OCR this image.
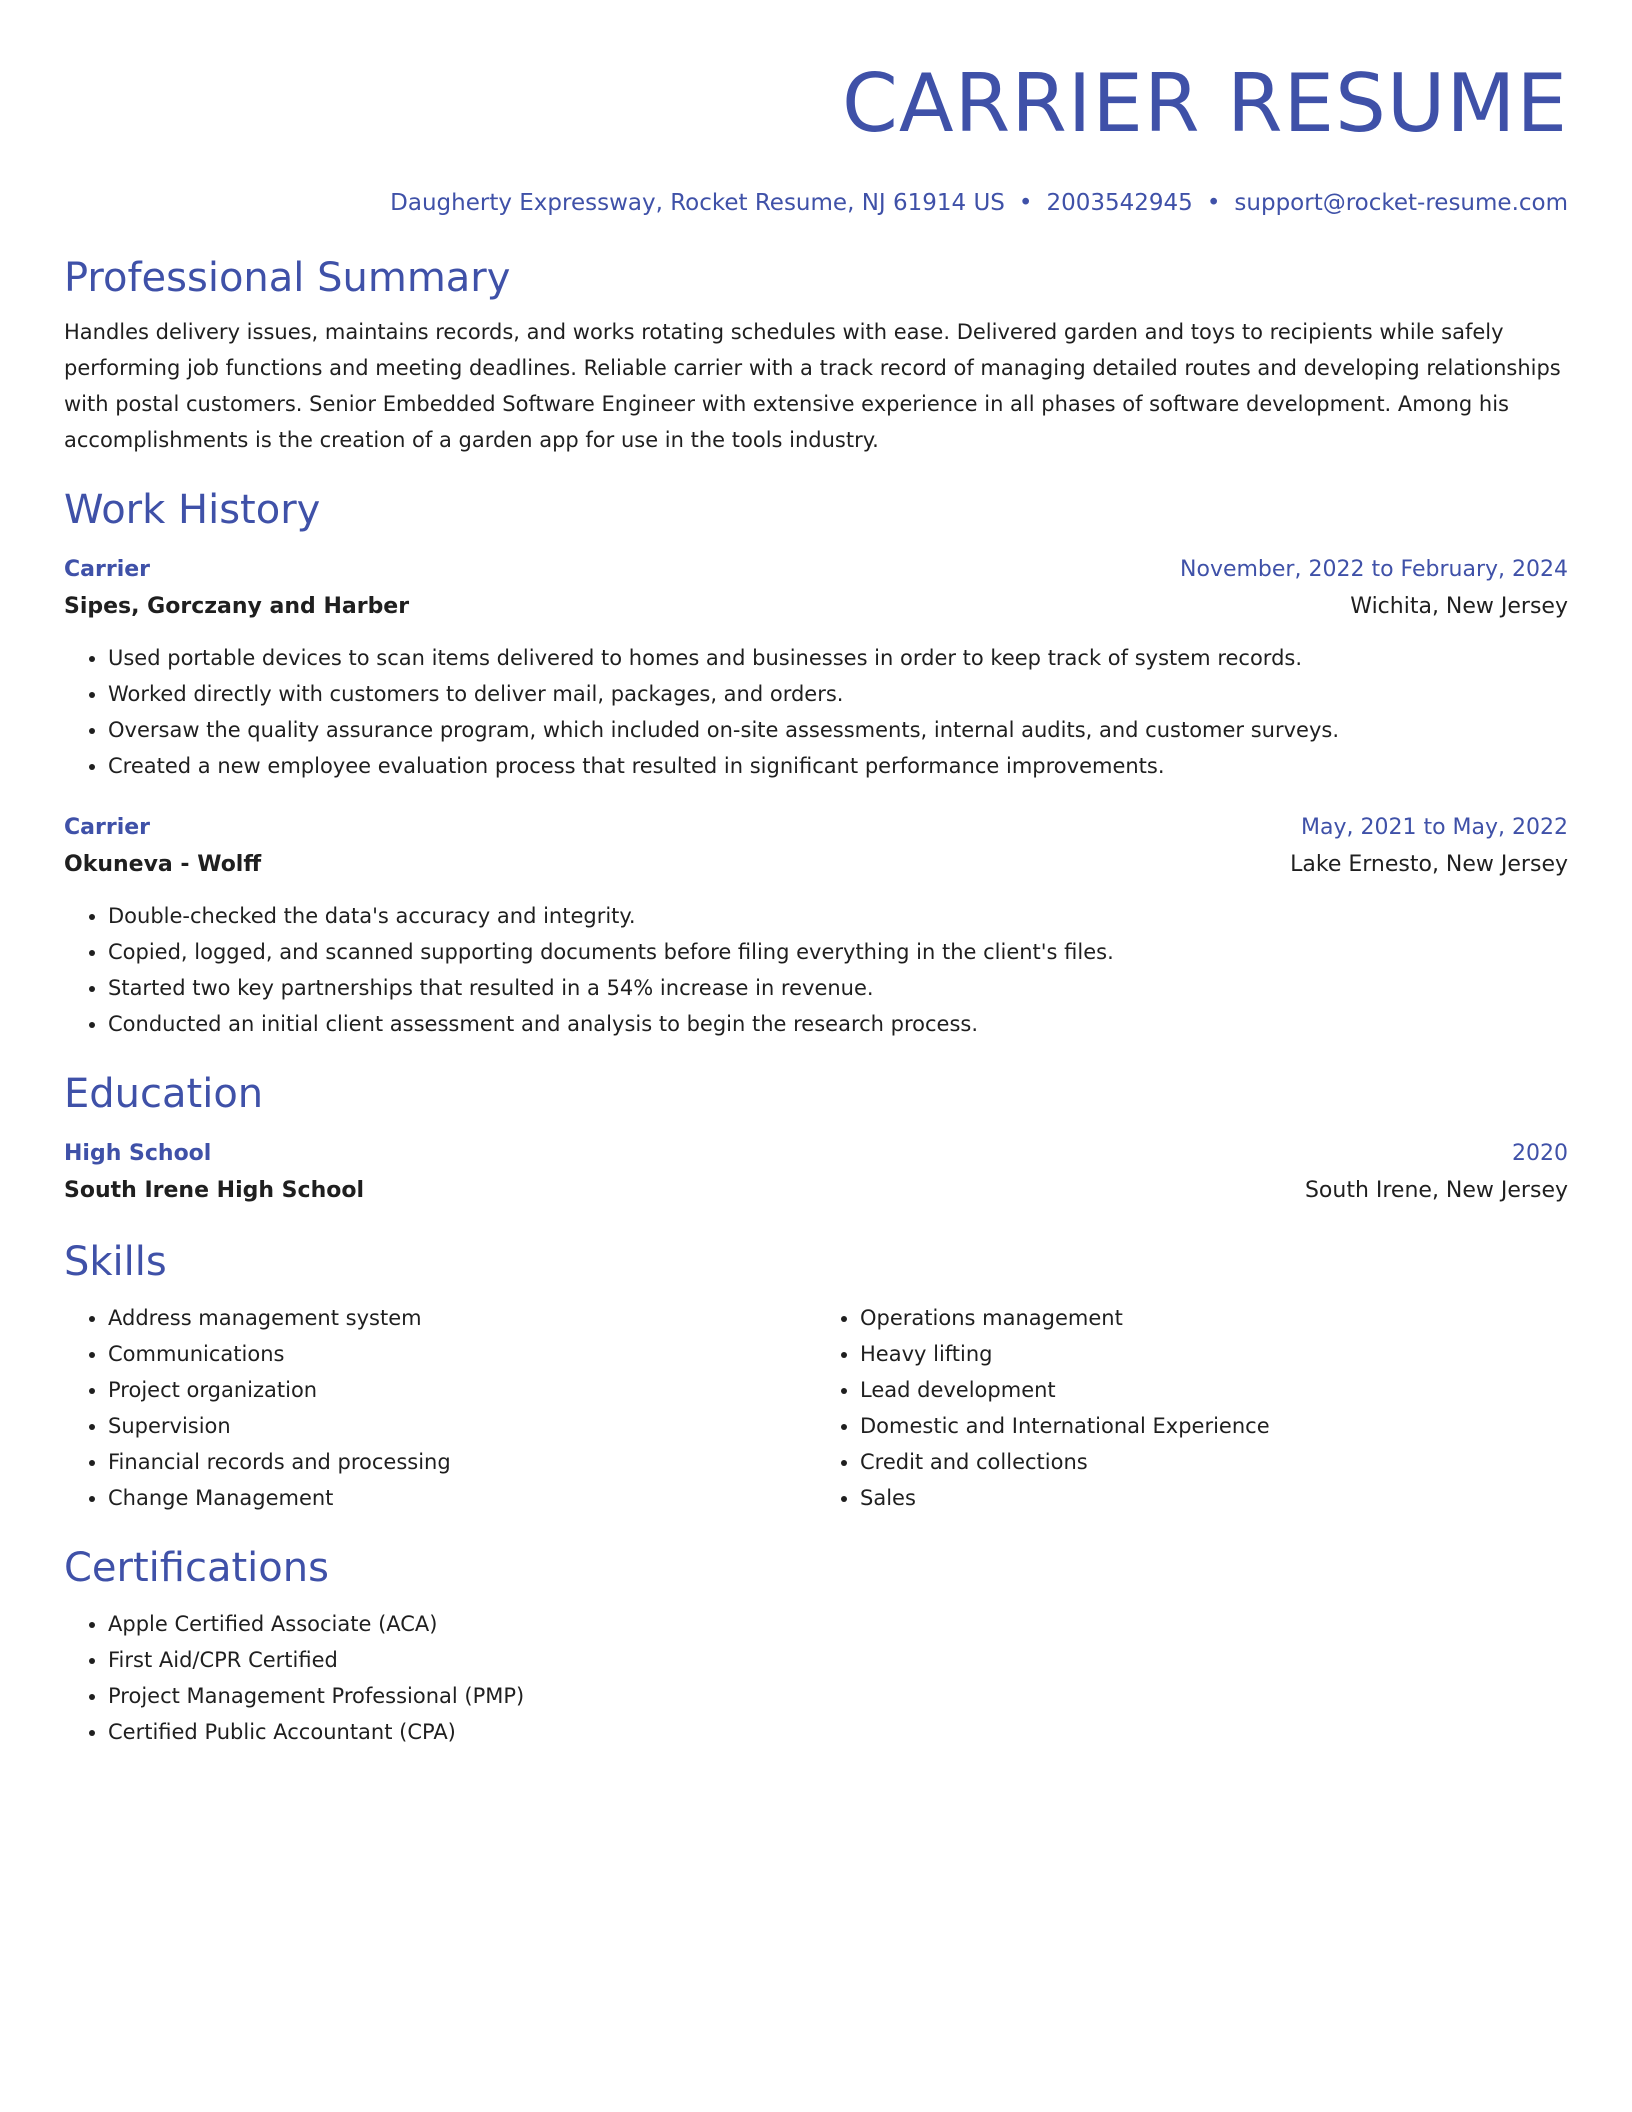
CARRIER RESUME
Daugherty Expressway, Rocket Resume, NJ 61914 US • 2003542945 • support@rocket-resume.com
Professional Summary
Handles delivery issues, maintains records, and works rotating schedules with ease. Delivered garden and toys to recipients while safely performing job functions and meeting deadlines. Reliable carrier with a track record of managing detailed routes and developing relationships with postal customers. Senior Embedded Software Engineer with extensive experience in all phases of software development. Among his accomplishments is the creation of a garden app for use in the tools industry.
Work History
Carrier	November, 2022 to February, 2024
Sipes, Gorczany and Harber	Wichita, New Jersey
• Used portable devices to scan items delivered to homes and businesses in order to keep track of system records.
• Worked directly with customers to deliver mail, packages, and orders.
• Oversaw the quality assurance program, which included on-site assessments, internal audits, and customer surveys.
• Created a new employee evaluation process that resulted in significant performance improvements.
Carrier	May, 2021 to May, 2022
Okuneva - Wolff	Lake Ernesto, New Jersey
• Double-checked the data's accuracy and integrity.
• Copied, logged, and scanned supporting documents before filing everything in the client's files.
• Started two key partnerships that resulted in a 54% increase in revenue.
• Conducted an initial client assessment and analysis to begin the research process.
Education
High School	2020
South Irene High School	South Irene, New Jersey
Skills
• Address management system
• Communications
• Project organization
• Supervision
• Financial records and processing
• Change Management
• Operations management
• Heavy lifting
• Lead development
• Domestic and International Experience
• Credit and collections
• Sales
Certifications
• Apple Certified Associate (ACA)
• First Aid/CPR Certified
• Project Management Professional (PMP)
• Certified Public Accountant (CPA)
